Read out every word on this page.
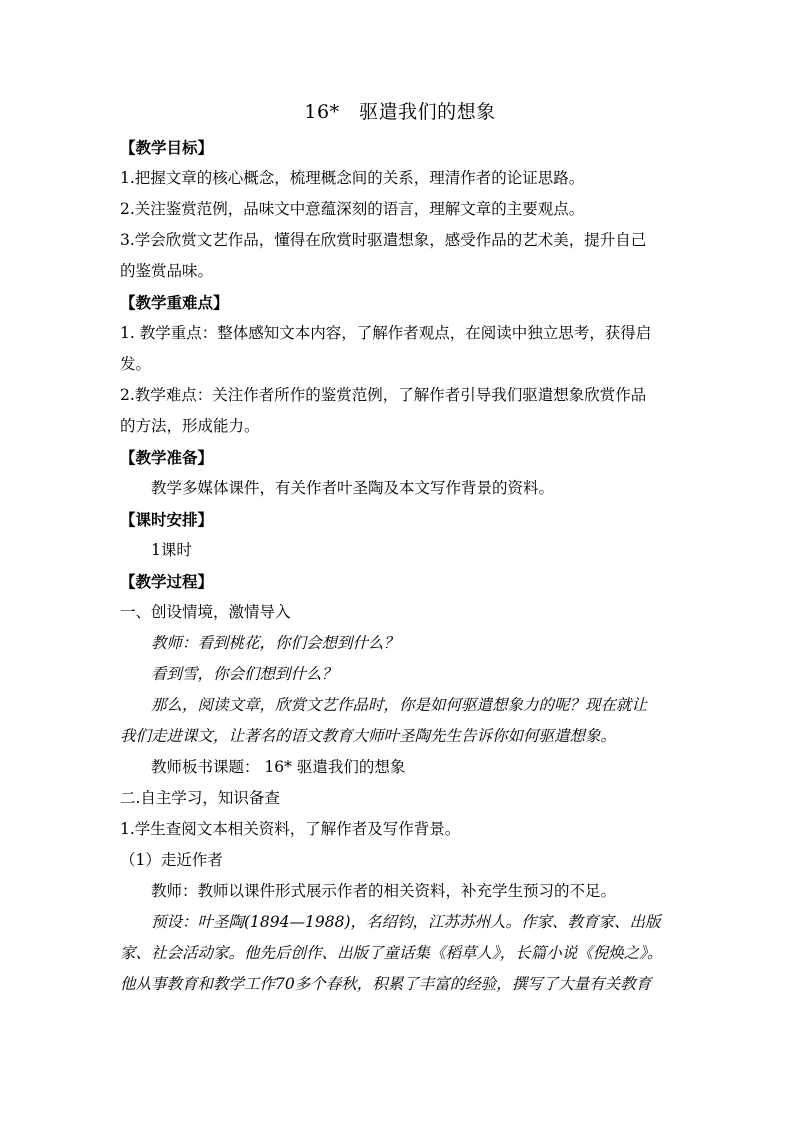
16*　驱遣我们的想象

【教学目标】

1.把握文章的核心概念，梳理概念间的关系，理清作者的论证思路。

2.关注鉴赏范例，品味文中意蕴深刻的语言，理解文章的主要观点。

3.学会欣赏文艺作品，懂得在欣赏时驱遣想象，感受作品的艺术美，提升自己

的鉴赏品味。

【教学重难点】

1. 教学重点：整体感知文本内容，了解作者观点，在阅读中独立思考，获得启

发。

2.教学难点：关注作者所作的鉴赏范例，了解作者引导我们驱遣想象欣赏作品

的方法，形成能力。

【教学准备】

教学多媒体课件，有关作者叶圣陶及本文写作背景的资料。

【课时安排】

1课时

【教学过程】

一、创设情境，激情导入

教师：看到桃花，你们会想到什么？

看到雪，你会们想到什么？

那么，阅读文章，欣赏文艺作品时，你是如何驱遣想象力的呢？现在就让

我们走进课文，让著名的语文教育大师叶圣陶先生告诉你如何驱遣想象。

教师板书课题： 16* 驱遣我们的想象

二.自主学习，知识备查

1.学生查阅文本相关资料，了解作者及写作背景。

（1）走近作者

教师：教师以课件形式展示作者的相关资料，补充学生预习的不足。

预设：叶圣陶(1894—1988)，名绍钧，江苏苏州人。作家、教育家、出版

家、社会活动家。他先后创作、出版了童话集《稻草人》，长篇小说《倪焕之》。

他从事教育和教学工作70多个春秋，积累了丰富的经验，撰写了大量有关教育
